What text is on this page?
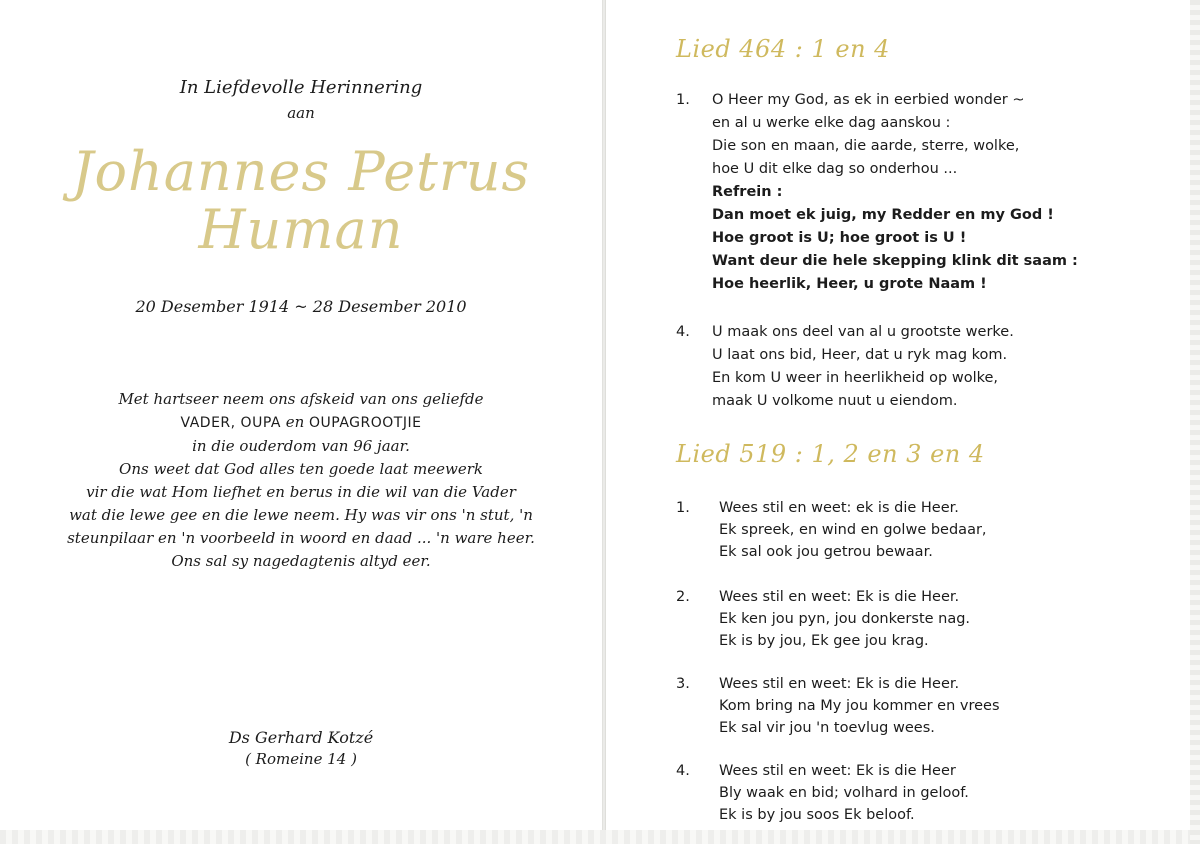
In Liefdevolle Herinnering
aan
Johannes Petrus
Human
20 Desember 1914 ~ 28 Desember 2010
Met hartseer neem ons afskeid van ons geliefde
VADER, OUPA en OUPAGROOTJIE
in die ouderdom van 96 jaar.
Ons weet dat God alles ten goede laat meewerk
vir die wat Hom liefhet en berus in die wil van die Vader
wat die lewe gee en die lewe neem. Hy was vir ons 'n stut, 'n
steunpilaar en 'n voorbeeld in woord en daad ... 'n ware heer.
Ons sal sy nagedagtenis altyd eer.
Ds Gerhard Kotzé
( Romeine 14 )
Lied 464 : 1 en 4
1. O Heer my God, as ek in eerbied wonder ~
en al u werke elke dag aanskou :
Die son en maan, die aarde, sterre, wolke,
hoe U dit elke dag so onderhou ...
Refrein :
Dan moet ek juig, my Redder en my God !
Hoe groot is U; hoe groot is U !
Want deur die hele skepping klink dit saam :
Hoe heerlik, Heer, u grote Naam !
4. U maak ons deel van al u grootste werke.
U laat ons bid, Heer, dat u ryk mag kom.
En kom U weer in heerlikheid op wolke,
maak U volkome nuut u eiendom.
Lied 519 : 1, 2 en 3 en 4
1. Wees stil en weet: ek is die Heer.
Ek spreek, en wind en golwe bedaar,
Ek sal ook jou getrou bewaar.
2. Wees stil en weet: Ek is die Heer.
Ek ken jou pyn, jou donkerste nag.
Ek is by jou, Ek gee jou krag.
3. Wees stil en weet: Ek is die Heer.
Kom bring na My jou kommer en vrees
Ek sal vir jou 'n toevlug wees.
4. Wees stil en weet: Ek is die Heer
Bly waak en bid; volhard in geloof.
Ek is by jou soos Ek beloof.
